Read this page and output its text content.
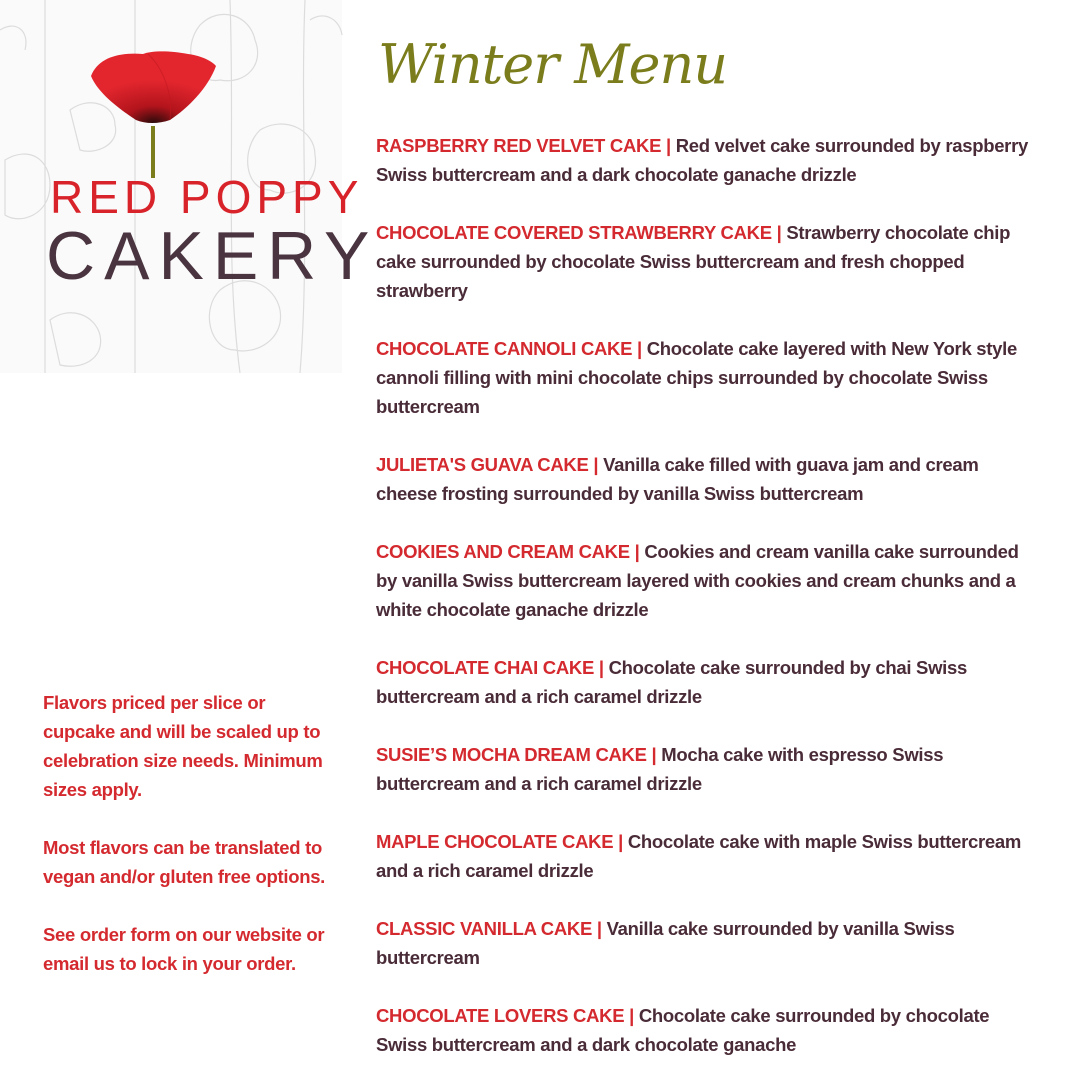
RED POPPY
CAKERY
Winter Menu
RASPBERRY RED VELVET CAKE | Red velvet cake surrounded by raspberry Swiss buttercream and a dark chocolate ganache drizzle
CHOCOLATE COVERED STRAWBERRY CAKE | Strawberry chocolate chip cake surrounded by chocolate Swiss buttercream and fresh chopped strawberry
CHOCOLATE CANNOLI CAKE | Chocolate cake layered with New York style cannoli filling with mini chocolate chips surrounded by chocolate Swiss buttercream
JULIETA'S GUAVA CAKE | Vanilla cake filled with guava jam and cream cheese frosting surrounded by vanilla Swiss buttercream
COOKIES AND CREAM CAKE | Cookies and cream vanilla cake surrounded by vanilla Swiss buttercream layered with cookies and cream chunks and a white chocolate ganache drizzle
CHOCOLATE CHAI CAKE | Chocolate cake surrounded by chai Swiss buttercream and a rich caramel drizzle
SUSIE’S MOCHA DREAM CAKE | Mocha cake with espresso Swiss buttercream and a rich caramel drizzle
MAPLE CHOCOLATE CAKE | Chocolate cake with maple Swiss buttercream and a rich caramel drizzle
CLASSIC VANILLA CAKE | Vanilla cake surrounded by vanilla Swiss buttercream
CHOCOLATE LOVERS CAKE | Chocolate cake surrounded by chocolate Swiss buttercream and a dark chocolate ganache
Flavors priced per slice or cupcake and will be scaled up to celebration size needs. Minimum sizes apply.
Most flavors can be translated to vegan and/or gluten free options.
See order form on our website or email us to lock in your order.
